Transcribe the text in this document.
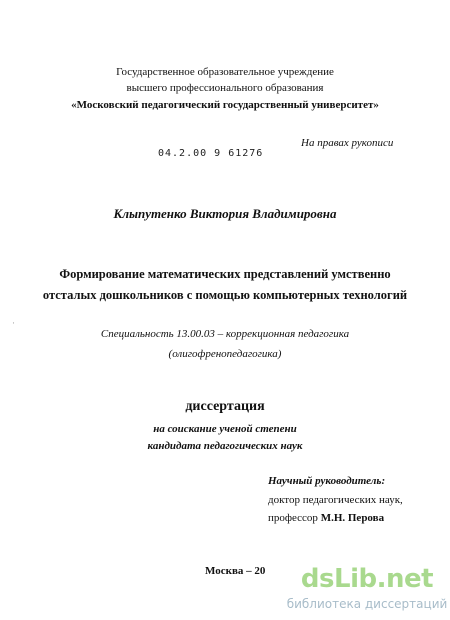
Государственное образовательное учреждение
высшего профессионального образования
«Московский педагогический государственный университет»
На правах рукописи
04.2.00 9 61276
Клыпутенко Виктория Владимировна
Формирование математических представлений умственно
отсталых дошкольников с помощью компьютерных технологий
Специальность 13.00.03 – коррекционная педагогика
(олигофренопедагогика)
диссертация
на соискание ученой степени
кандидата педагогических наук
Научный руководитель:
доктор педагогических наук,
профессор М.Н. Перова
Москва – 20
·
dsLib.net
библиотека диссертаций
